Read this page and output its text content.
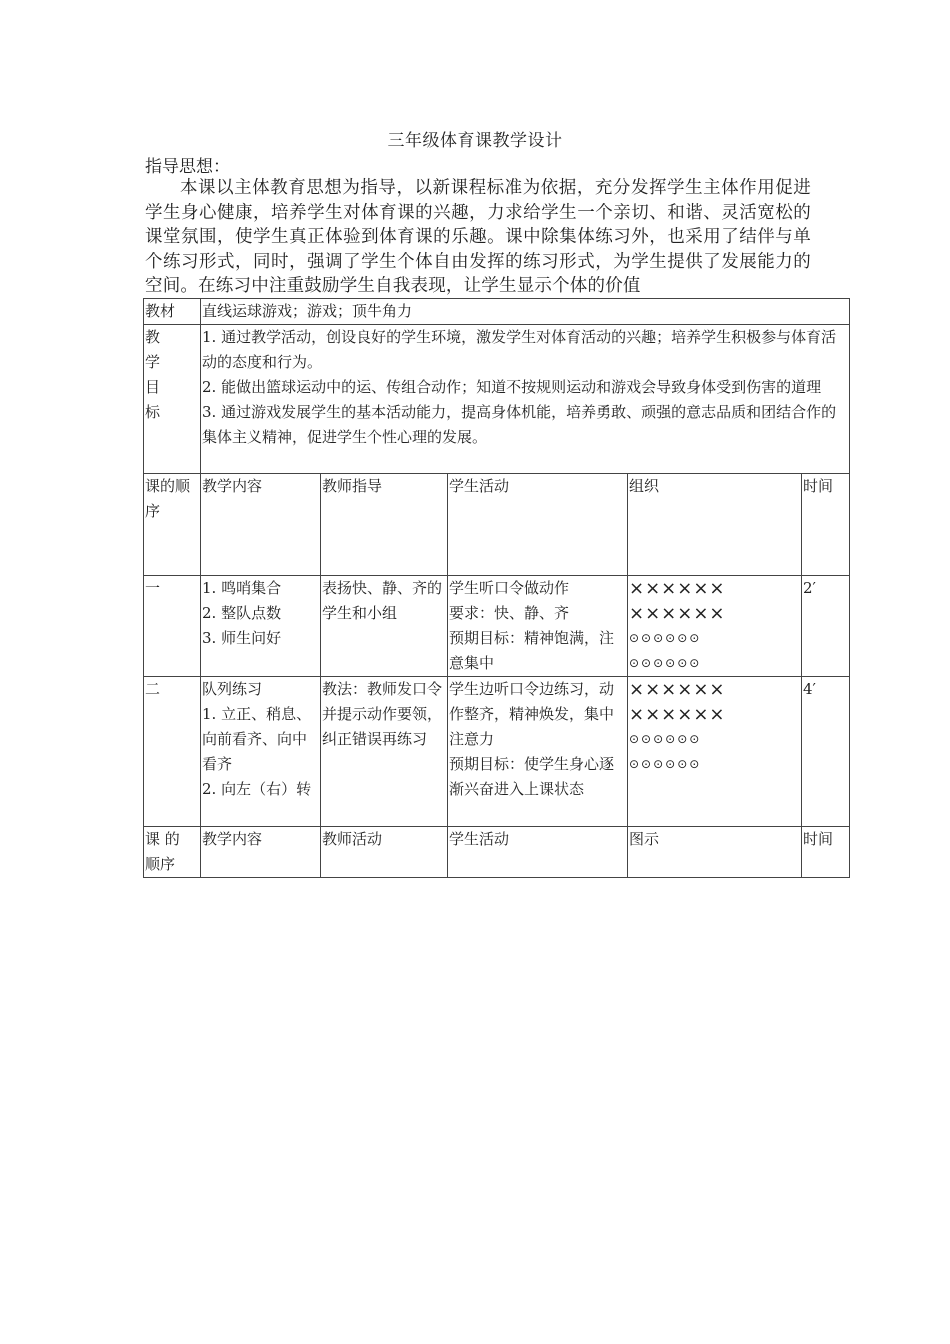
三年级体育课教学设计
指导思想：
本课以主体教育思想为指导，以新课程标准为依据，充分发挥学生主体作用促进学生身心健康，培养学生对体育课的兴趣，力求给学生一个亲切、和谐、灵活宽松的课堂氛围，使学生真正体验到体育课的乐趣。课中除集体练习外，也采用了结伴与单个练习形式，同时，强调了学生个体自由发挥的练习形式，为学生提供了发展能力的空间。在练习中注重鼓励学生自我表现，让学生显示个体的价值
教材	直线运球游戏；游戏；顶牛角力				
教
学
目
标	1. 通过教学活动，创设良好的学生环境，激发学生对体育活动的兴趣；培养学生积极参与体育活动的态度和行为。
2. 能做出篮球运动中的运、传组合动作；知道不按规则运动和游戏会导致身体受到伤害的道理
3. 通过游戏发展学生的基本活动能力，提高身体机能，培养勇敢、顽强的意志品质和团结合作的集体主义精神，促进学生个性心理的发展。				

课的顺序	教学内容	教师指导	学生活动	组织	时间
一	1. 鸣哨集合
2. 整队点数
3. 师生问好	表扬快、静、齐的学生和小组	学生听口令做动作
要求：快、静、齐
预期目标：精神饱满，注意集中	××××××
××××××
⊙⊙⊙⊙⊙⊙
⊙⊙⊙⊙⊙⊙	2′
二	队列练习
1. 立正、稍息、向前看齐、向中看齐
2. 向左（右）转	教法：教师发口令并提示动作要领，纠正错误再练习	学生边听口令边练习，动作整齐，精神焕发，集中注意力
预期目标：使学生身心逐渐兴奋进入上课状态	××××××
××××××
⊙⊙⊙⊙⊙⊙
⊙⊙⊙⊙⊙⊙	4′
课 的 顺序	教学内容	教师活动	学生活动	图示	时间
